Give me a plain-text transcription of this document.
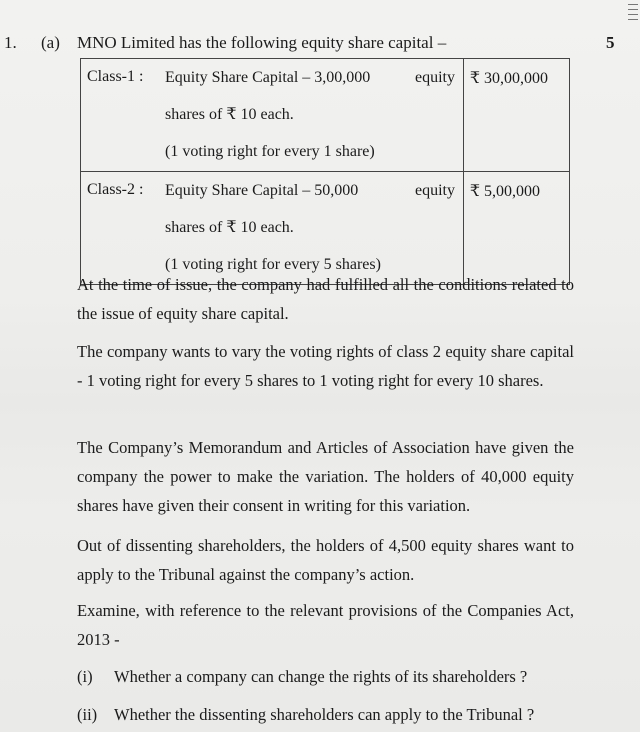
1. (a) MNO Limited has the following equity share capital –	5
Class-1 : Equity Share Capital – 3,00,000 equity
shares of ₹ 10 each.
(1 voting right for every 1 share)	₹ 30,00,000

Class-2 : Equity Share Capital – 50,000 equity
shares of ₹ 10 each.
(1 voting right for every 5 shares)	₹ 5,00,000
At the time of issue, the company had fulfilled all the conditions related to the issue of equity share capital.
The company wants to vary the voting rights of class 2 equity share capital - 1 voting right for every 5 shares to 1 voting right for every 10 shares.
The Company’s Memorandum and Articles of Association have given the company the power to make the variation. The holders of 40,000 equity shares have given their consent in writing for this variation.
Out of dissenting shareholders, the holders of 4,500 equity shares want to apply to the Tribunal against the company’s action.
Examine, with reference to the relevant provisions of the Companies Act, 2013 -
(i) Whether a company can change the rights of its shareholders ?
(ii) Whether the dissenting shareholders can apply to the Tribunal ?
